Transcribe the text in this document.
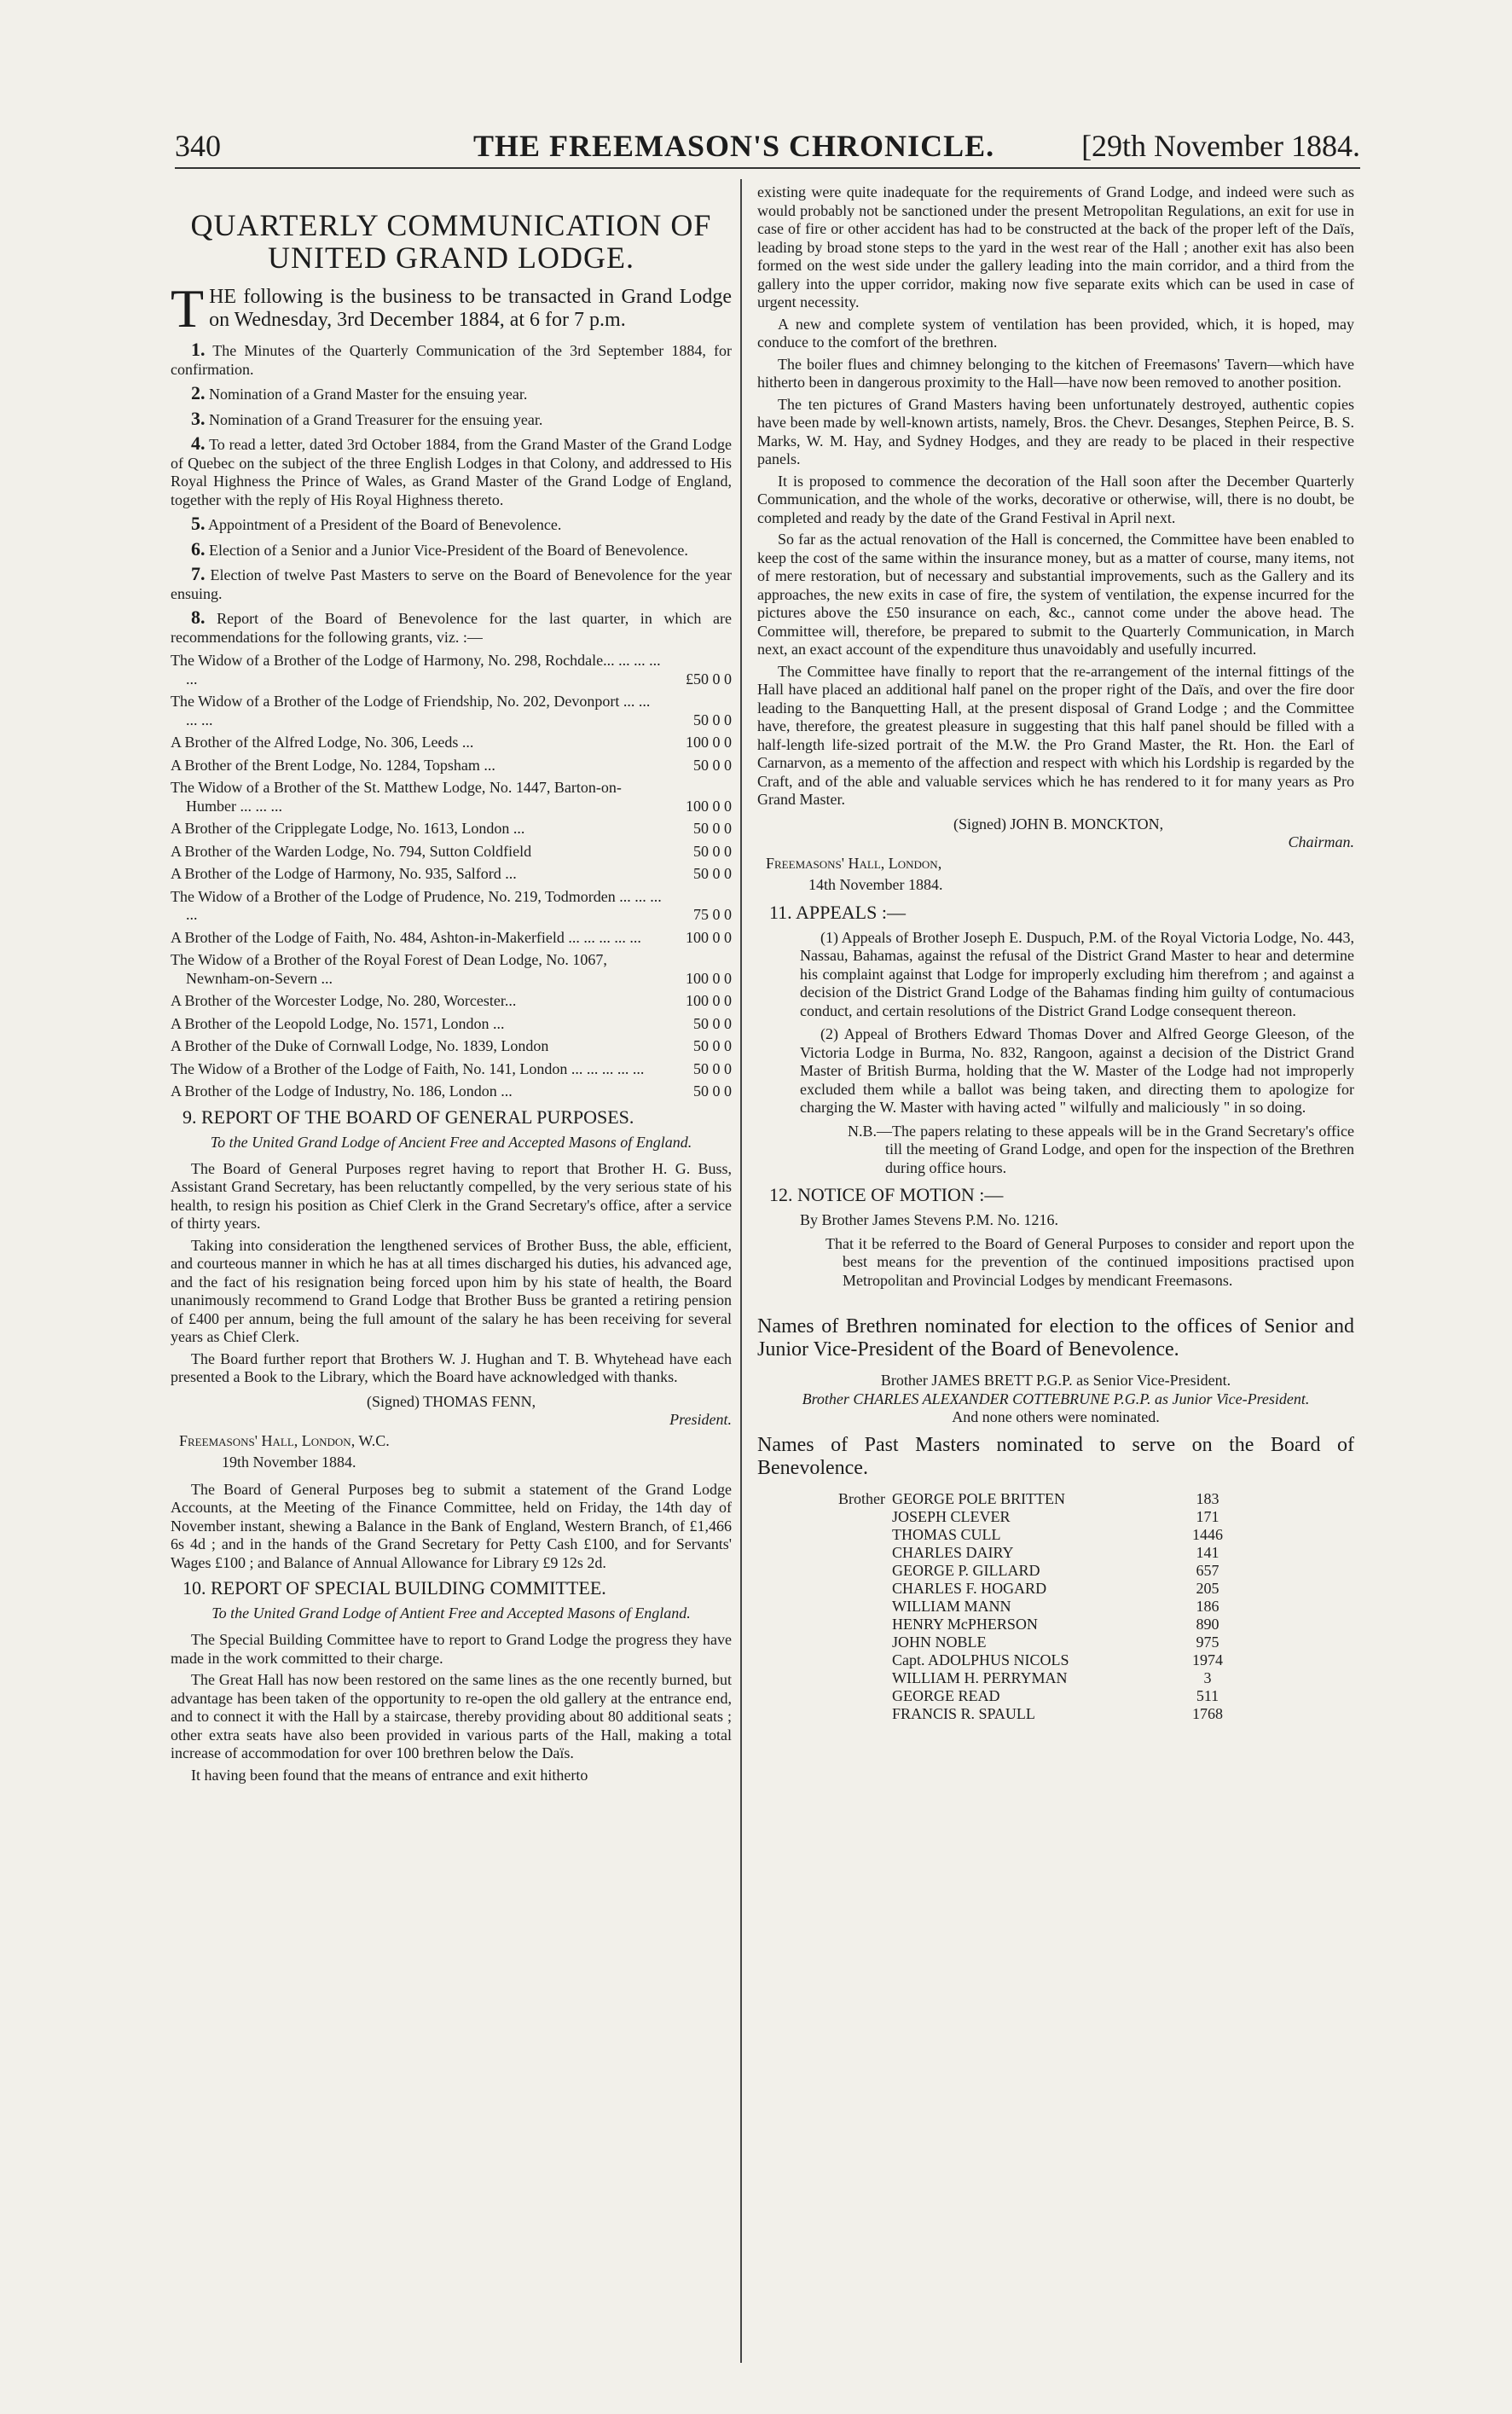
340	THE FREEMASON'S CHRONICLE.	[29th November 1884.
QUARTERLY COMMUNICATION OF
UNITED GRAND LODGE.

THE following is the business to be transacted in Grand Lodge on Wednesday, 3rd December 1884, at 6 for 7 p.m.

1. The Minutes of the Quarterly Communication of the 3rd September 1884, for confirmation.

2. Nomination of a Grand Master for the ensuing year.

3. Nomination of a Grand Treasurer for the ensuing year.

4. To read a letter, dated 3rd October 1884, from the Grand Master of the Grand Lodge of Quebec on the subject of the three English Lodges in that Colony, and addressed to His Royal Highness the Prince of Wales, as Grand Master of the Grand Lodge of England, together with the reply of His Royal Highness thereto.

5. Appointment of a President of the Board of Benevolence.

6. Election of a Senior and a Junior Vice-President of the Board of Benevolence.

7. Election of twelve Past Masters to serve on the Board of Benevolence for the year ensuing.

8. Report of the Board of Benevolence for the last quarter, in which are recommendations for the following grants, viz. :—

The Widow of a Brother of the Lodge of Harmony, No. 298, Rochdale... ... ... ... ...	£50 0 0
The Widow of a Brother of the Lodge of Friendship, No. 202, Devonport ... ... ... ...	50 0 0
A Brother of the Alfred Lodge, No. 306, Leeds ...	100 0 0
A Brother of the Brent Lodge, No. 1284, Topsham ...	50 0 0
The Widow of a Brother of the St. Matthew Lodge, No. 1447, Barton-on-Humber ... ... ...	100 0 0
A Brother of the Cripplegate Lodge, No. 1613, London ...	50 0 0
A Brother of the Warden Lodge, No. 794, Sutton Coldfield	50 0 0
A Brother of the Lodge of Harmony, No. 935, Salford ...	50 0 0
The Widow of a Brother of the Lodge of Prudence, No. 219, Todmorden ... ... ... ...	75 0 0
A Brother of the Lodge of Faith, No. 484, Ashton-in-Makerfield ... ... ... ... ...	100 0 0
The Widow of a Brother of the Royal Forest of Dean Lodge, No. 1067, Newnham-on-Severn ...	100 0 0
A Brother of the Worcester Lodge, No. 280, Worcester...	100 0 0
A Brother of the Leopold Lodge, No. 1571, London ...	50 0 0
A Brother of the Duke of Cornwall Lodge, No. 1839, London	50 0 0
The Widow of a Brother of the Lodge of Faith, No. 141, London ... ... ... ... ...	50 0 0
A Brother of the Lodge of Industry, No. 186, London ...	50 0 0
9. REPORT OF THE BOARD OF GENERAL PURPOSES.
To the United Grand Lodge of Ancient Free and Accepted Masons of England.

The Board of General Purposes regret having to report that Brother H. G. Buss, Assistant Grand Secretary, has been reluctantly compelled, by the very serious state of his health, to resign his position as Chief Clerk in the Grand Secretary's office, after a service of thirty years.

Taking into consideration the lengthened services of Brother Buss, the able, efficient, and courteous manner in which he has at all times discharged his duties, his advanced age, and the fact of his resignation being forced upon him by his state of health, the Board unanimously recommend to Grand Lodge that Brother Buss be granted a retiring pension of £400 per annum, being the full amount of the salary he has been receiving for several years as Chief Clerk.

The Board further report that Brothers W. J. Hughan and T. B. Whytehead have each presented a Book to the Library, which the Board have acknowledged with thanks.

(Signed) THOMAS FENN,
President.
Freemasons' Hall, London, W.C.
19th November 1884.

The Board of General Purposes beg to submit a statement of the Grand Lodge Accounts, at the Meeting of the Finance Committee, held on Friday, the 14th day of November instant, shewing a Balance in the Bank of England, Western Branch, of £1,466 6s 4d ; and in the hands of the Grand Secretary for Petty Cash £100, and for Servants' Wages £100 ; and Balance of Annual Allowance for Library £9 12s 2d.

10. REPORT OF SPECIAL BUILDING COMMITTEE.
To the United Grand Lodge of Antient Free and Accepted Masons of England.

The Special Building Committee have to report to Grand Lodge the progress they have made in the work committed to their charge.

The Great Hall has now been restored on the same lines as the one recently burned, but advantage has been taken of the opportunity to re-open the old gallery at the entrance end, and to connect it with the Hall by a staircase, thereby providing about 80 additional seats ; other extra seats have also been provided in various parts of the Hall, making a total increase of accommodation for over 100 brethren below the Daïs.

It having been found that the means of entrance and exit hitherto

existing were quite inadequate for the requirements of Grand Lodge, and indeed were such as would probably not be sanctioned under the present Metropolitan Regulations, an exit for use in case of fire or other accident has had to be constructed at the back of the proper left of the Daïs, leading by broad stone steps to the yard in the west rear of the Hall ; another exit has also been formed on the west side under the gallery leading into the main corridor, and a third from the gallery into the upper corridor, making now five separate exits which can be used in case of urgent necessity.

A new and complete system of ventilation has been provided, which, it is hoped, may conduce to the comfort of the brethren.

The boiler flues and chimney belonging to the kitchen of Freemasons' Tavern—which have hitherto been in dangerous proximity to the Hall—have now been removed to another position.

The ten pictures of Grand Masters having been unfortunately destroyed, authentic copies have been made by well-known artists, namely, Bros. the Chevr. Desanges, Stephen Peirce, B. S. Marks, W. M. Hay, and Sydney Hodges, and they are ready to be placed in their respective panels.

It is proposed to commence the decoration of the Hall soon after the December Quarterly Communication, and the whole of the works, decorative or otherwise, will, there is no doubt, be completed and ready by the date of the Grand Festival in April next.

So far as the actual renovation of the Hall is concerned, the Committee have been enabled to keep the cost of the same within the insurance money, but as a matter of course, many items, not of mere restoration, but of necessary and substantial improvements, such as the Gallery and its approaches, the new exits in case of fire, the system of ventilation, the expense incurred for the pictures above the £50 insurance on each, &c., cannot come under the above head. The Committee will, therefore, be prepared to submit to the Quarterly Communication, in March next, an exact account of the expenditure thus unavoidably and usefully incurred.

The Committee have finally to report that the re-arrangement of the internal fittings of the Hall have placed an additional half panel on the proper right of the Daïs, and over the fire door leading to the Banquetting Hall, at the present disposal of Grand Lodge ; and the Committee have, therefore, the greatest pleasure in suggesting that this half panel should be filled with a half-length life-sized portrait of the M.W. the Pro Grand Master, the Rt. Hon. the Earl of Carnarvon, as a memento of the affection and respect with which his Lordship is regarded by the Craft, and of the able and valuable services which he has rendered to it for many years as Pro Grand Master.

(Signed) JOHN B. MONCKTON,
Chairman.
Freemasons' Hall, London,
14th November 1884.
11. APPEALS :—

(1) Appeals of Brother Joseph E. Duspuch, P.M. of the Royal Victoria Lodge, No. 443, Nassau, Bahamas, against the refusal of the District Grand Master to hear and determine his complaint against that Lodge for improperly excluding him therefrom ; and against a decision of the District Grand Lodge of the Bahamas finding him guilty of contumacious conduct, and certain resolutions of the District Grand Lodge consequent thereon.

(2) Appeal of Brothers Edward Thomas Dover and Alfred George Gleeson, of the Victoria Lodge in Burma, No. 832, Rangoon, against a decision of the District Grand Master of British Burma, holding that the W. Master of the Lodge had not improperly excluded them while a ballot was being taken, and directing them to apologize for charging the W. Master with having acted " wilfully and maliciously " in so doing.

N.B.—The papers relating to these appeals will be in the Grand Secretary's office till the meeting of Grand Lodge, and open for the inspection of the Brethren during office hours.

12. NOTICE OF MOTION :—
By Brother James Stevens P.M. No. 1216.

That it be referred to the Board of General Purposes to consider and report upon the best means for the prevention of the continued impositions practised upon Metropolitan and Provincial Lodges by mendicant Freemasons.

Names of Brethren nominated for election to the offices of Senior and Junior Vice-President of the Board of Benevolence.

Brother JAMES BRETT P.G.P. as Senior Vice-President.
Brother CHARLES ALEXANDER COTTEBRUNE P.G.P. as Junior Vice-President.
And none others were nominated.

Names of Past Masters nominated to serve on the Board of Benevolence.

Brother	GEORGE POLE BRITTEN	183
	JOSEPH CLEVER	171
	THOMAS CULL	1446
	CHARLES DAIRY	141
	GEORGE P. GILLARD	657
	CHARLES F. HOGARD	205
	WILLIAM MANN	186
	HENRY McPHERSON	890
	JOHN NOBLE	975
	Capt. ADOLPHUS NICOLS	1974
	WILLIAM H. PERRYMAN	3
	GEORGE READ	511
	FRANCIS R. SPAULL	1768
